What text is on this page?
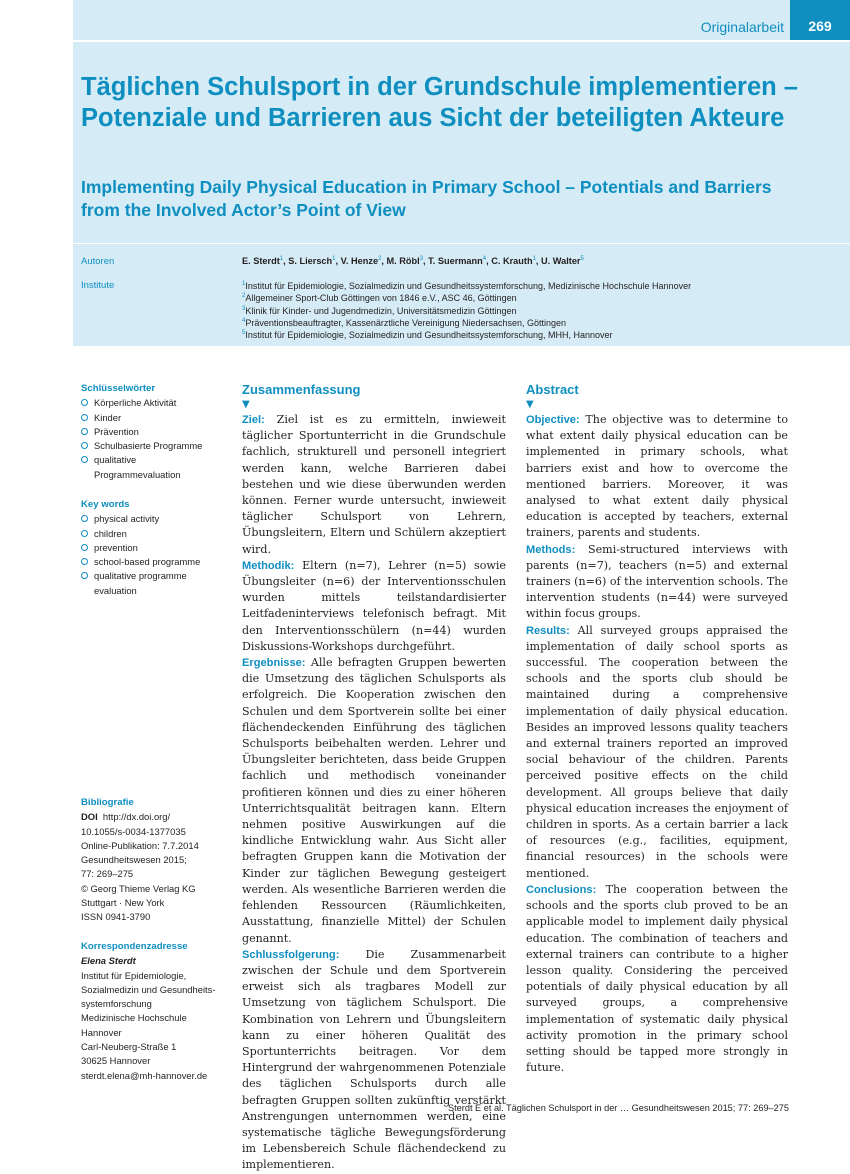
Originalarbeit	269
Täglichen Schulsport in der Grundschule implementieren – Potenziale und Barrieren aus Sicht der beteiligten Akteure
Implementing Daily Physical Education in Primary School – Potentials and Barriers from the Involved Actor’s Point of View
Autoren
Institute
E. Sterdt$^1$, S. Liersch$^1$, V. Henze$^2$, M. Röbl$^3$, T. Suermann$^4$, C. Krauth$^1$, U. Walter$^5$
$^1$Institut für Epidemiologie, Sozialmedizin und Gesundheitssystemforschung, Medizinische Hochschule Hannover
$^2$Allgemeiner Sport-Club Göttingen von 1846 e.V., ASC 46, Göttingen
$^3$Klinik für Kinder- und Jugendmedizin, Universitätsmedizin Göttingen
$^4$Präventionsbeauftragter, Kassenärztliche Vereinigung Niedersachsen, Göttingen
$^5$Institut für Epidemiologie, Sozialmedizin und Gesundheitssystemforschung, MHH, Hannover
Schlüsselwörter
Körperliche Aktivität
Kinder
Prävention
Schulbasierte Programme
qualitative Programmevaluation
Key words
physical activity
children
prevention
school-based programme
qualitative programme evaluation
Bibliografie
DOI http://dx.doi.org/
10.1055/s-0034-1377035
Online-Publikation: 7.7.2014
Gesundheitswesen 2015;
77: 269–275
© Georg Thieme Verlag KG
Stuttgart · New York
ISSN 0941-3790
Korrespondenzadresse
Elena Sterdt
Institut für Epidemiologie,
Sozialmedizin und Gesundheits-
systemforschung
Medizinische Hochschule
Hannover
Carl-Neuberg-Straße 1
30625 Hannover
sterdt.elena@mh-hannover.de
Zusammenfassung
▼

Ziel: Ziel ist es zu ermitteln, inwieweit täglicher Sportunterricht in die Grundschule fachlich, strukturell und personell integriert werden kann, welche Barrieren dabei bestehen und wie diese überwunden werden können. Ferner wurde untersucht, inwieweit täglicher Schulsport von Lehrern, Übungsleitern, Eltern und Schülern akzeptiert wird.

Methodik: Eltern (n=7), Lehrer (n=5) sowie Übungsleiter (n=6) der Interventionsschulen wurden mittels teilstandardisierter Leitfadeninterviews telefonisch befragt. Mit den Interventionsschülern (n=44) wurden Diskussions-Workshops durchgeführt.

Ergebnisse: Alle befragten Gruppen bewerten die Umsetzung des täglichen Schulsports als erfolgreich. Die Kooperation zwischen den Schulen und dem Sportverein sollte bei einer flächendeckenden Einführung des täglichen Schulsports beibehalten werden. Lehrer und Übungsleiter berichteten, dass beide Gruppen fachlich und methodisch voneinander profitieren können und dies zu einer höheren Unterrichtsqualität beitragen kann. Eltern nehmen positive Auswirkungen auf die kindliche Entwicklung wahr. Aus Sicht aller befragten Gruppen kann die Motivation der Kinder zur täglichen Bewegung gesteigert werden. Als wesentliche Barrieren werden die fehlenden Ressourcen (Räumlichkeiten, Ausstattung, finanzielle Mittel) der Schulen genannt.

Schlussfolgerung: Die Zusammenarbeit zwischen der Schule und dem Sportverein erweist sich als tragbares Modell zur Umsetzung von täglichem Schulsport. Die Kombination von Lehrern und Übungsleitern kann zu einer höheren Qualität des Sportunterrichts beitragen. Vor dem Hintergrund der wahrgenommenen Potenziale des täglichen Schulsports durch alle befragten Gruppen sollten zukünftig verstärkt Anstrengungen unternommen werden, eine systematische tägliche Bewegungsförderung im Lebensbereich Schule flächendeckend zu implementieren.

Abstract
▼

Objective: The objective was to determine to what extent daily physical education can be implemented in primary schools, what barriers exist and how to overcome the mentioned barriers. Moreover, it was analysed to what extent daily physical education is accepted by teachers, external trainers, parents and students.

Methods: Semi-structured interviews with parents (n=7), teachers (n=5) and external trainers (n=6) of the intervention schools. The intervention students (n=44) were surveyed within focus groups.

Results: All surveyed groups appraised the implementation of daily school sports as successful. The cooperation between the schools and the sports club should be maintained during a comprehensive implementation of daily physical education. Besides an improved lessons quality teachers and external trainers reported an improved social behaviour of the children. Parents perceived positive effects on the child development. All groups believe that daily physical education increases the enjoyment of children in sports. As a certain barrier a lack of resources (e.g., facilities, equipment, financial resources) in the schools were mentioned.

Conclusions: The cooperation between the schools and the sports club proved to be an applicable model to implement daily physical education. The combination of teachers and external trainers can contribute to a higher lesson quality. Considering the perceived potentials of daily physical education by all surveyed groups, a comprehensive implementation of systematic daily physical activity promotion in the primary school setting should be tapped more strongly in future.

Sterdt E et al. Täglichen Schulsport in der … Gesundheitswesen 2015; 77: 269–275
